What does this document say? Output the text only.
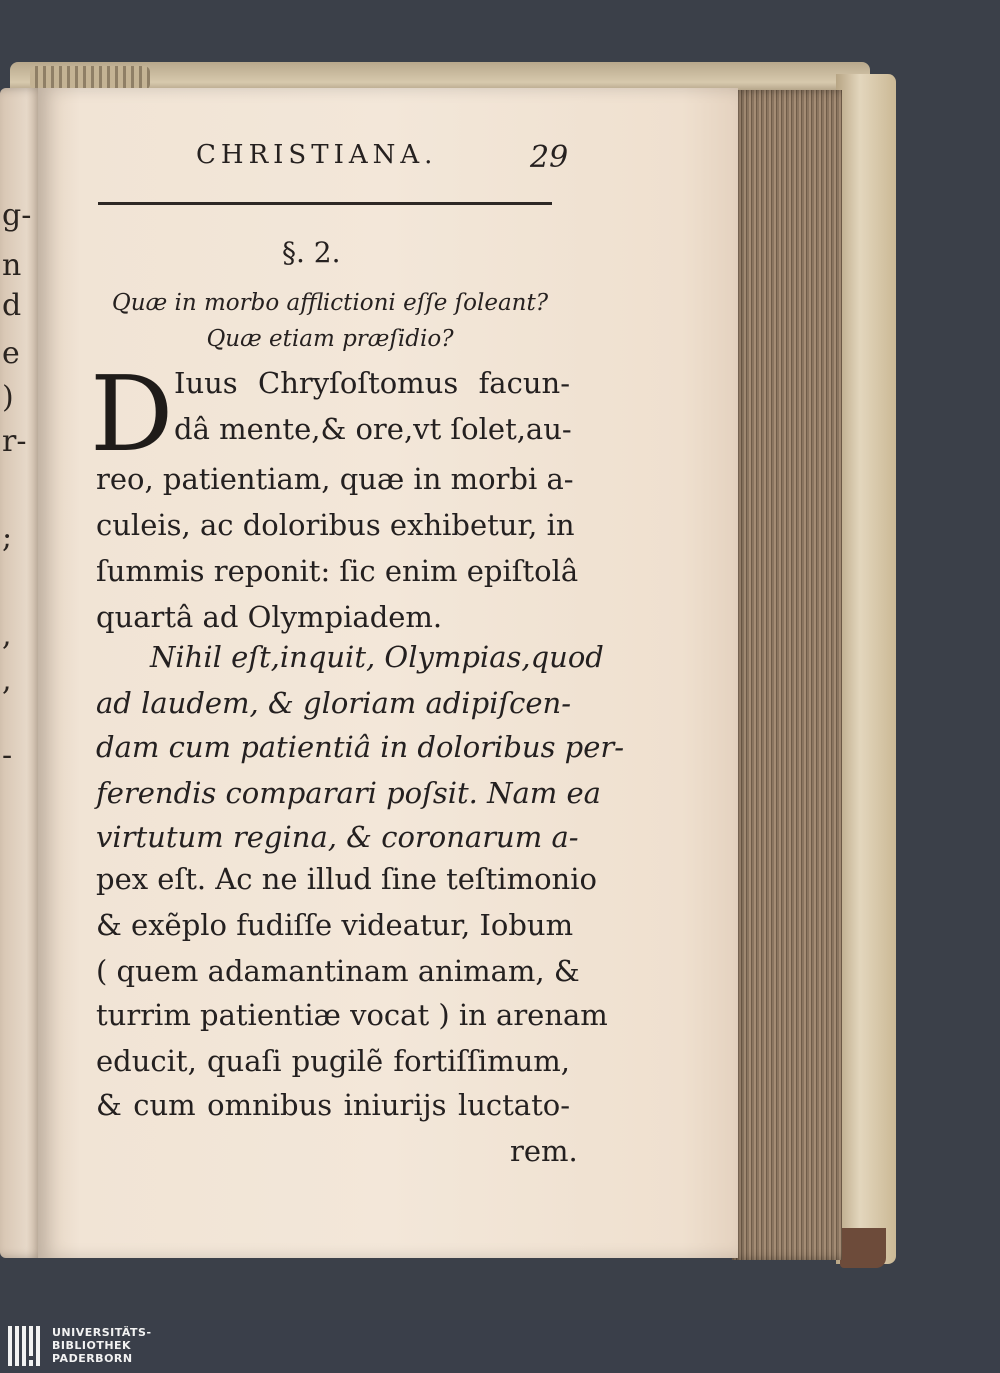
g-
n
d
e
)
r-
;
,
,
-
CHRISTIANA.	29
§. 2.
Quæ in morbo afflictioni eſſe ſoleant?
Quæ etiam præſidio?
D Iuus Chryſoſtomus facun-
dâ mente,& ore,vt ſolet,au-
reo, patientiam, quæ in morbi a-
culeis, ac doloribus exhibetur, in
ſummis reponit: ſic enim epiſtolâ
quartâ ad Olympiadem.
Nihil eſt,inquit, Olympias,quod
ad laudem, & gloriam adipiſcen-
dam cum patientiâ in doloribus per-
ferendis comparari poſsit. Nam ea
virtutum regina, & coronarum a-
pex eſt. Ac ne illud ſine teſtimonio
& exẽplo fudiſſe videatur, Iobum
( quem adamantinam animam, &
turrim patientiæ vocat ) in arenam
educit, quaſi pugilẽ fortiſſimum,
& cum omnibus iniurijs luctato-
rem.
UNIVERSITÄTS-
BIBLIOTHEK
PADERBORN
